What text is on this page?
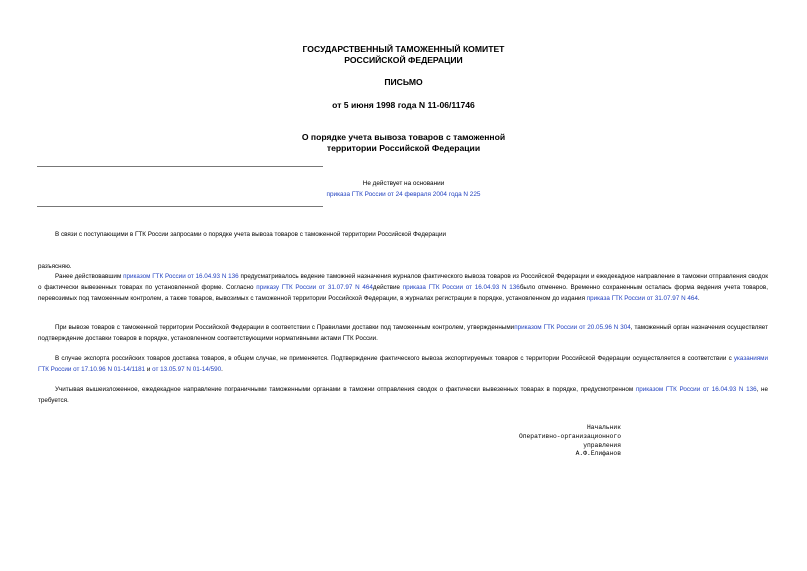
ГОСУДАРСТВЕННЫЙ ТАМОЖЕННЫЙ КОМИТЕТ
РОССИЙСКОЙ ФЕДЕРАЦИИ
ПИСЬМО
от 5 июня 1998 года N 11-06/11746
О порядке учета вывоза товаров с таможенной
территории Российской Федерации
Не действует на основании
приказа ГТК России от 24 февраля 2004 года N 225
В связи с поступающими в ГТК России запросами о порядке учета вывоза товаров с таможенной территории Российской Федерации
разъясняю.
Ранее действовавшим приказом ГТК России от 16.04.93 N 136 предусматривалось ведение таможней назначения журналов фактического вывоза товаров из Российской Федерации и ежедекадное направление в таможни отправления сводок о фактически вывезенных товарах по установленной форме. Согласно приказу ГТК России от 31.07.97 N 464действие приказа ГТК России от 16.04.93 N 136было отменено. Временно сохраненным осталась форма ведения учета товаров, перевозимых под таможенным контролем, а также товаров, вывозимых с таможенной территории Российской Федерации, в журналах регистрации в порядке, установленном до издания приказа ГТК России от 31.07.97 N 464.
При вывозе товаров с таможенной территории Российской Федерации в соответствии с Правилами доставки под таможенным контролем, утвержденнымиприказом ГТК России от 20.05.96 N 304, таможенный орган назначения осуществляет подтверждение доставки товаров в порядке, установленном соответствующими нормативными актами ГТК России.
В случае экспорта российских товаров доставка товаров, в общем случае, не применяется. Подтверждение фактического вывоза экспортируемых товаров с территории Российской Федерации осуществляется в соответствии с указаниями ГТК России от 17.10.96 N 01-14/1181 и от 13.05.97 N 01-14/590.
Учитывая вышеизложенное, ежедекадное направление пограничными таможенными органами в таможни отправления сводок о фактически вывезенных товарах в порядке, предусмотренном приказом ГТК России от 16.04.93 N 136, не требуется.
Начальник
Оперативно-организационного
управления
А.Ф.Елифанов
